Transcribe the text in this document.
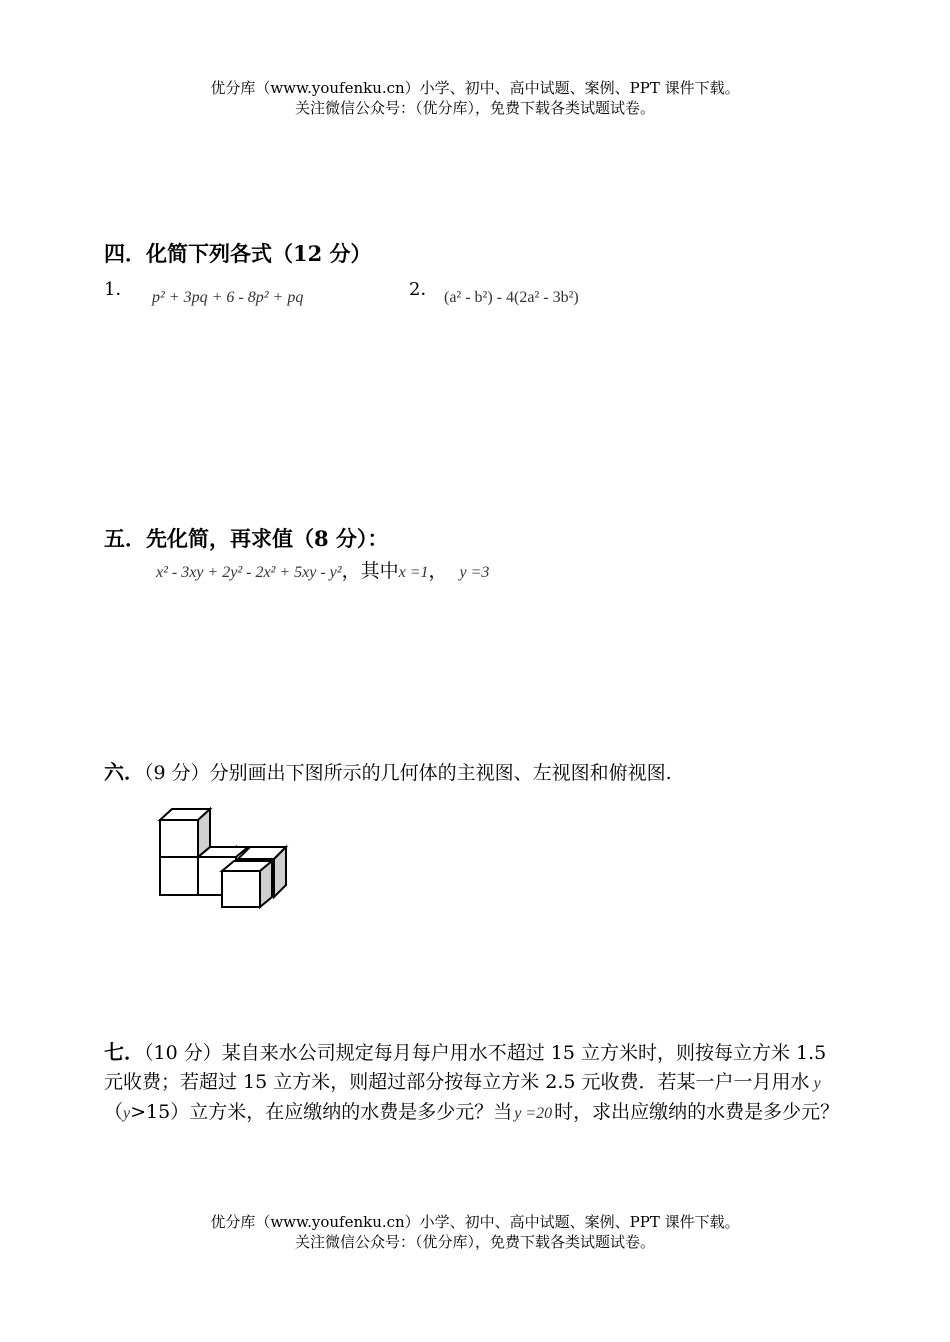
优分库（www.youfenku.cn）小学、初中、高中试题、案例、PPT 课件下载。
关注微信公众号：（优分库），免费下载各类试题试卷。
四．化简下列各式（12 分）
1． p² + 3pq + 6 - 8p² + pq	2． (a² - b²) - 4(2a² - 3b²)
五．先化简，再求值（8 分）：
x² - 3xy + 2y² - 2x² + 5xy - y²，其中x =1， y =3
六．（9 分）分别画出下图所示的几何体的主视图、左视图和俯视图.
七．（10 分）某自来水公司规定每月每户用水不超过 15 立方米时，则按每立方米 1.5 元收费；若超过 15 立方米，则超过部分按每立方米 2.5 元收费．若某一户一月用水 y（y>15）立方米，在应缴纳的水费是多少元？当 y =20 时，求出应缴纳的水费是多少元？
优分库（www.youfenku.cn）小学、初中、高中试题、案例、PPT 课件下载。
关注微信公众号：（优分库），免费下载各类试题试卷。
